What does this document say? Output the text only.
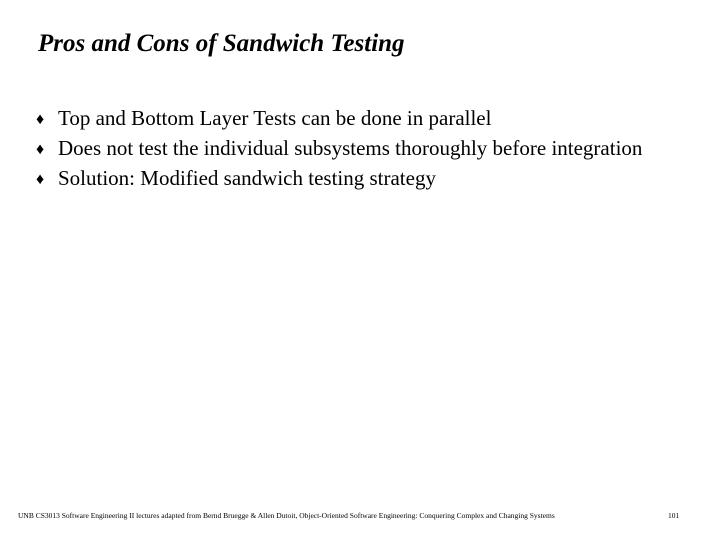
Pros and Cons of Sandwich Testing
♦ Top and Bottom Layer Tests can be done in parallel
♦ Does not test the individual subsystems thoroughly before integration
♦ Solution: Modified sandwich testing strategy
UNB CS3013 Software Engineering II lectures adapted from Bernd Bruegge & Allen Dutoit, Object-Oriented Software Engineering: Conquering Complex and Changing Systems	101
